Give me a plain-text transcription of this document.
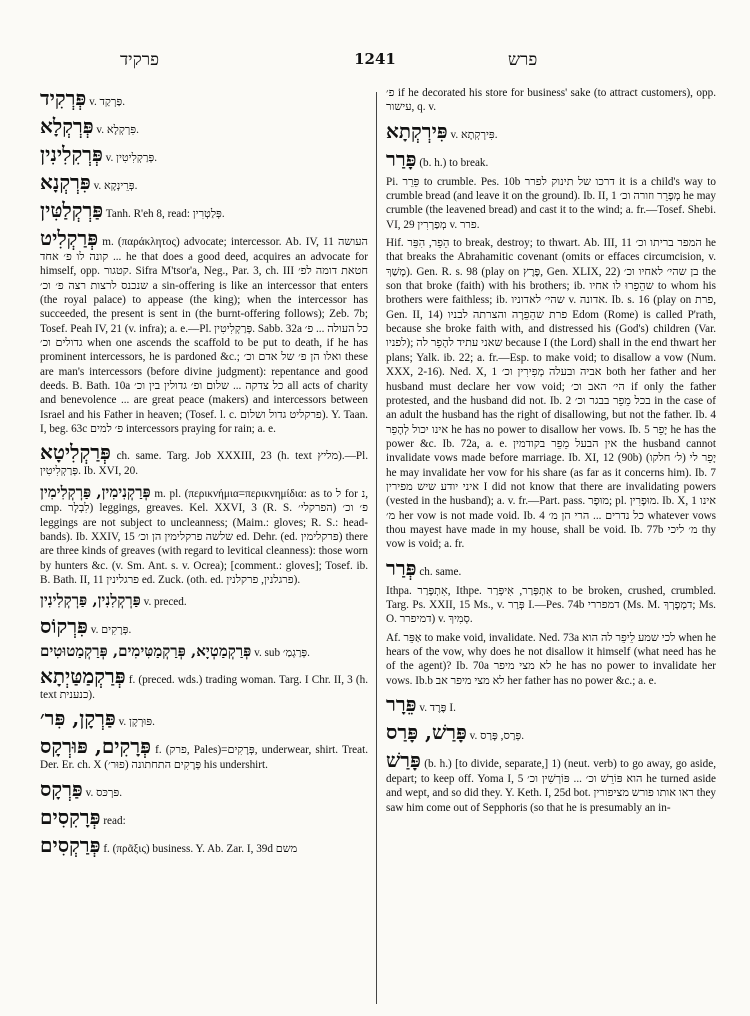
פרקיד	1241	פרש
פְּרְקִיד v. פַּרְקַד.
פְּרְקְלָא v. פִּרְקְלָא.
פְּרְקִלִינִין v. פְּרַקְלִיטִין.
פִּרְקְנָא v. פְּרֵינְקָא.
פַּרְקְלַטִּין Tanh. R'eh 8, read: פְּלַטְרִין.
פְּרַקְלִיט m. (παράκλητος) advocate; intercessor. Ab. IV, 11 העושה ... קונה לו פ׳ אחד he that does a good deed, acquires an advocate for himself, opp. קטגור. Sifra M'tsor'a, Neg., Par. 3, ch. III חטאת דומה לפ׳ שנכנס לרצות רצה פ׳ וכ׳ a sin-offering is like an intercessor that enters (the royal palace) to appease (the king); when the intercessor has succeeded, the present is sent in (the burnt-offering follows); Zeb. 7b; Tosef. Peah IV, 21 (v. infra); a. e.—Pl. פְּרַקְלִיטִין. Sabb. 32a כל העולה ... פ׳ גדולים וכ׳ when one ascends the scaffold to be put to death, if he has prominent intercessors, he is pardoned &c.; ואלו הן פ׳ של אדם וכ׳ these are man's intercessors (before divine judgment): repentance and good deeds. B. Bath. 10a כל צדקה ... שלום ופ׳ גדולין בין וכ׳ all acts of charity and benevolence ... are great peace (makers) and intercessors between Israel and his Father in heaven; (Tosef. l. c. פרקליט גדול ושלום). Y. Taan. I, beg. 63c פ׳ למים intercessors praying for rain; a. e.
פְּרַקְלִיטָא ch. same. Targ. Job XXXIII, 23 (h. text מליץ).—Pl. פְּרַקְלִיטִין. Ib. XVI, 20.
פְּרַקְנִימִין, פַּרְקְלִימִין m. pl. (περικνήμια=περικνημίδια: as to ל for נ, cmp. לִבְלָר) leggings, greaves. Kel. XXVI, 3 (R. S. הפרקלי׳) פ׳ וכ׳ leggings are not subject to uncleanness; (Maim.: gloves; R. S.: head-bands). Ib. XXIV, 15 שלשה פרקלימין הן וכ׳ ed. Dehr. (ed. פרקלימין) there are three kinds of greaves (with regard to levitical cleanness): those worn by hunters &c. (v. Sm. Ant. s. v. Ocrea); [comment.: gloves]; Tosef. ib. B. Bath. II, 11 פרגלינין ed. Zuck. (oth. ed. פרגלנין, פרקלנין).
פַּרְקְלִנִין, פַּרְקְלִינִין v. preced.
פִּרְקוֹס v. פְּרָקִים.
פְּרַקְמַטְיָא, פְּרַקְמַטִּימִים, פְּרַקְמַטוּטִים v. sub פְּרַגְמַ׳.
פְּרַקְמַטַּיְתָא f. (preced. wds.) trading woman. Targ. I Chr. II, 3 (h. text כנענית).
פַּרְקָן, פִּר׳ v. פּוּרְקָן.
פְּרָקִים, פּוּרְקָס f. (פרק, Pales)=פְּרָקִים, underwear, shirt. Treat. Der. Er. ch. X (פוּר׳) פְּרָקִים התחתונה his undershirt.
פַּרְקָס v. פּרְכּס.
פְּרָקִסִים read:
פְּרַקְסִים f. (πρᾶξις) business. Y. Ab. Zar. I, 39d משם
פ׳ if he decorated his store for business' sake (to attract customers), opp. עישור, q. v.
פִּירְקְתָא v. פִּירְקְתָא.
פָּרַר (b. h.) to break.
Pi. פֵּרֵר to crumble. Pes. 10b דרכו של תינוק לפרר it is a child's way to crumble bread (and leave it on the ground). Ib. II, 1 מְפָרֵר וזורה וכ׳ he may crumble (the leavened bread) and cast it to the wind; a. fr.—Tosef. Shebi. VI, 29 מְפַרְרִין v. פרר.
Hif. הֵפֵר, הִפֵּר to break, destroy; to thwart. Ab. III, 11 המפר בריתו וכ׳ he that breaks the Abrahamitic covenant (omits or effaces circumcision, v. מָשַׁךְ). Gen. R. s. 98 (play on פֶּרֶץ, Gen. XLIX, 22) בן שהי׳ לאחיו וכ׳ the son that broke (faith) with his brothers; ib. שהֵפֵרוּ לו אחיו to whom his brothers were faithless; ib. שהי׳ לאדוניו v. אדונה. Ib. s. 16 (play on פרת, Gen. II, 14) פרת שהֵפֵרָה והצרתה לבניו Edom (Rome) is called P'rath, because she broke faith with, and distressed his (God's) children (Var. לפניו); שאני עתיד להָפֵר לה because I (the Lord) shall in the end thwart her plans; Yalk. ib. 22; a. fr.—Esp. to make void; to disallow a vow (Num. XXX, 2-16). Ned. X, 1 אביה ובעלה מְפִירִין וכ׳ both her father and her husband must declare her vow void; הי׳ האב וכ׳ if only the father protested, and the husband did not. Ib. 2 בכל מֵפֵר בבגר וכ׳ in the case of an adult the husband has the right of disallowing, but not the father. Ib. 4 אינו יכול לְהָפֵר he has no power to disallow her vows. Ib. 5 יָפֵר he has the power &c. Ib. 72a, a. e. אין הבעל מֵפֵר בקודמין the husband cannot invalidate vows made before marriage. Ib. XI, 12 (90b) יָפֵר לי (ל׳ חלקו) he may invalidate her vow for his share (as far as it concerns him). Ib. 7 איני יודע שיש מפירין I did not know that there are invalidating powers (vested in the husband); a. v. fr.—Part. pass. מוּפָר; pl. מוּפָרִין. Ib. X, 1 אינו מ׳ her vow is not made void. Ib. 4 כל נדרים ... הרי הן מ׳ whatever vows thou mayest have made in my house, shall be void. Ib. 77b מ׳ ליכי thy vow is void; a. fr.
פְּרַר ch. same.
Ithpa. אִתְפָּרַר, Ithpe. אִתְפְּרַר, אִיפְּרַר to be broken, crushed, crumbled. Targ. Ps. XXII, 15 Ms., v. פְּרַר I.—Pes. 74b דמפררי (Ms. M. דמְפָרְךְ; Ms. O. דמיפרר) v. סְמִיךְ.
Af. אַפֵּר to make void, invalidate. Ned. 73a לכי שמע לֵיפֵר לה הוא when he hears of the vow, why does he not disallow it himself (what need has he of the agent)? Ib. 70a לא מצי מיפר he has no power to invalidate her vows. Ib.b לא מצי מיפר אב her father has no power &c.; a. e.
פֵּרָר v. פֶּרֶד I.
פָּרַשׁ, פָּרַס v. פְּרַס, פָּרַס.
פָּרַשׁ (b. h.) [to divide, separate,] 1) (neut. verb) to go away, go aside, depart; to keep off. Yoma I, 5 הוא פּוֹרֵשׁ וכ׳ ... פּוֹרְשִׁין וכ׳ he turned aside and wept, and so did they. Y. Keth. I, 25d bot. ראו אותו פורש מציפורין they saw him come out of Sepphoris (so that he is presumably an in-
